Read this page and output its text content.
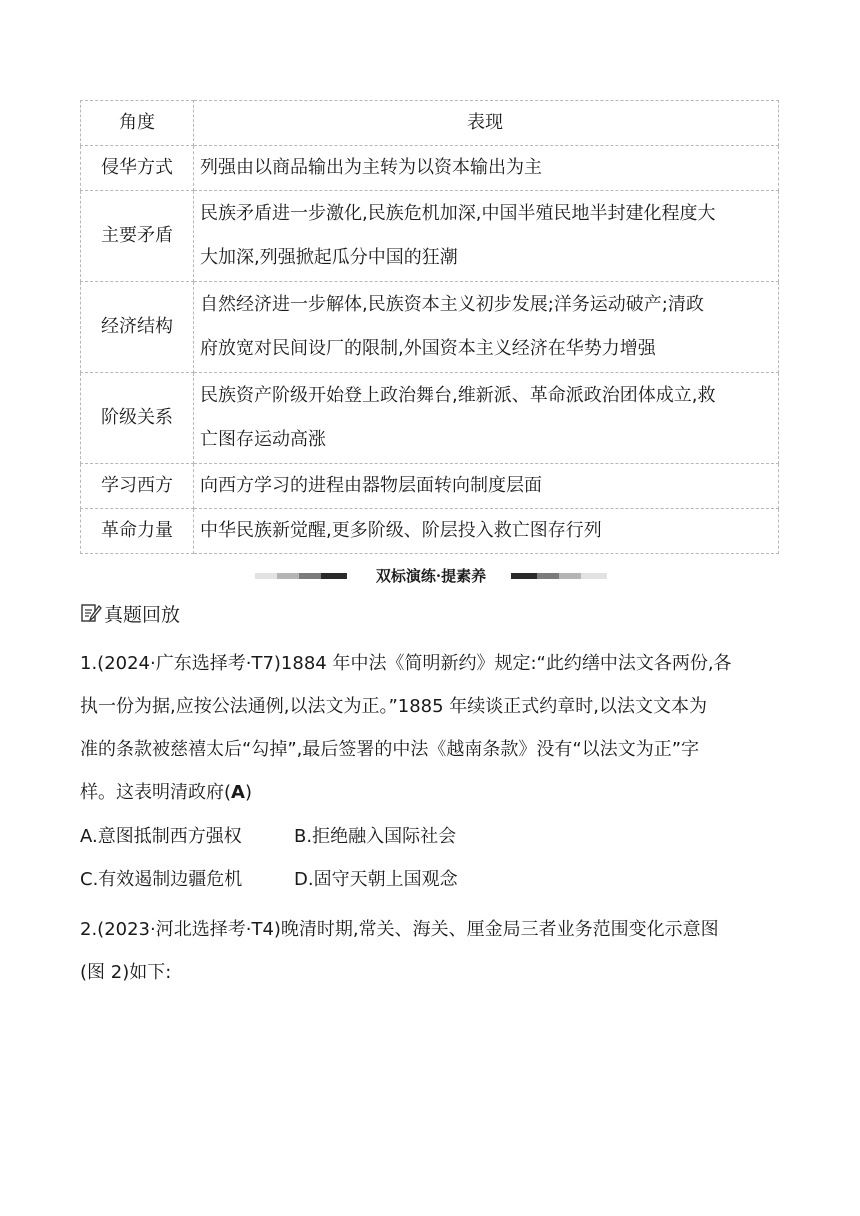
角度	表现
侵华方式	列强由以商品输出为主转为以资本输出为主
主要矛盾	民族矛盾进一步激化,民族危机加深,中国半殖民地半封建化程度大
大加深,列强掀起瓜分中国的狂潮

经济结构	自然经济进一步解体,民族资本主义初步发展;洋务运动破产;清政
府放宽对民间设厂的限制,外国资本主义经济在华势力增强

阶级关系	民族资产阶级开始登上政治舞台,维新派、革命派政治团体成立,救
亡图存运动高涨

学习西方	向西方学习的进程由器物层面转向制度层面
革命力量	中华民族新觉醒,更多阶级、阶层投入救亡图存行列
双标演练·提素养
真题回放
1.(2024·广东选择考·T7)1884 年中法《简明新约》规定:“此约缮中法文各两份,各
执一份为据,应按公法通例,以法文为正。”1885 年续谈正式约章时,以法文文本为
准的条款被慈禧太后“勾掉”,最后签署的中法《越南条款》没有“以法文为正”字
样。这表明清政府(A)
A.意图抵制西方强权	B.拒绝融入国际社会
C.有效遏制边疆危机	D.固守天朝上国观念
2.(2023·河北选择考·T4)晚清时期,常关、海关、厘金局三者业务范围变化示意图
(图 2)如下:
